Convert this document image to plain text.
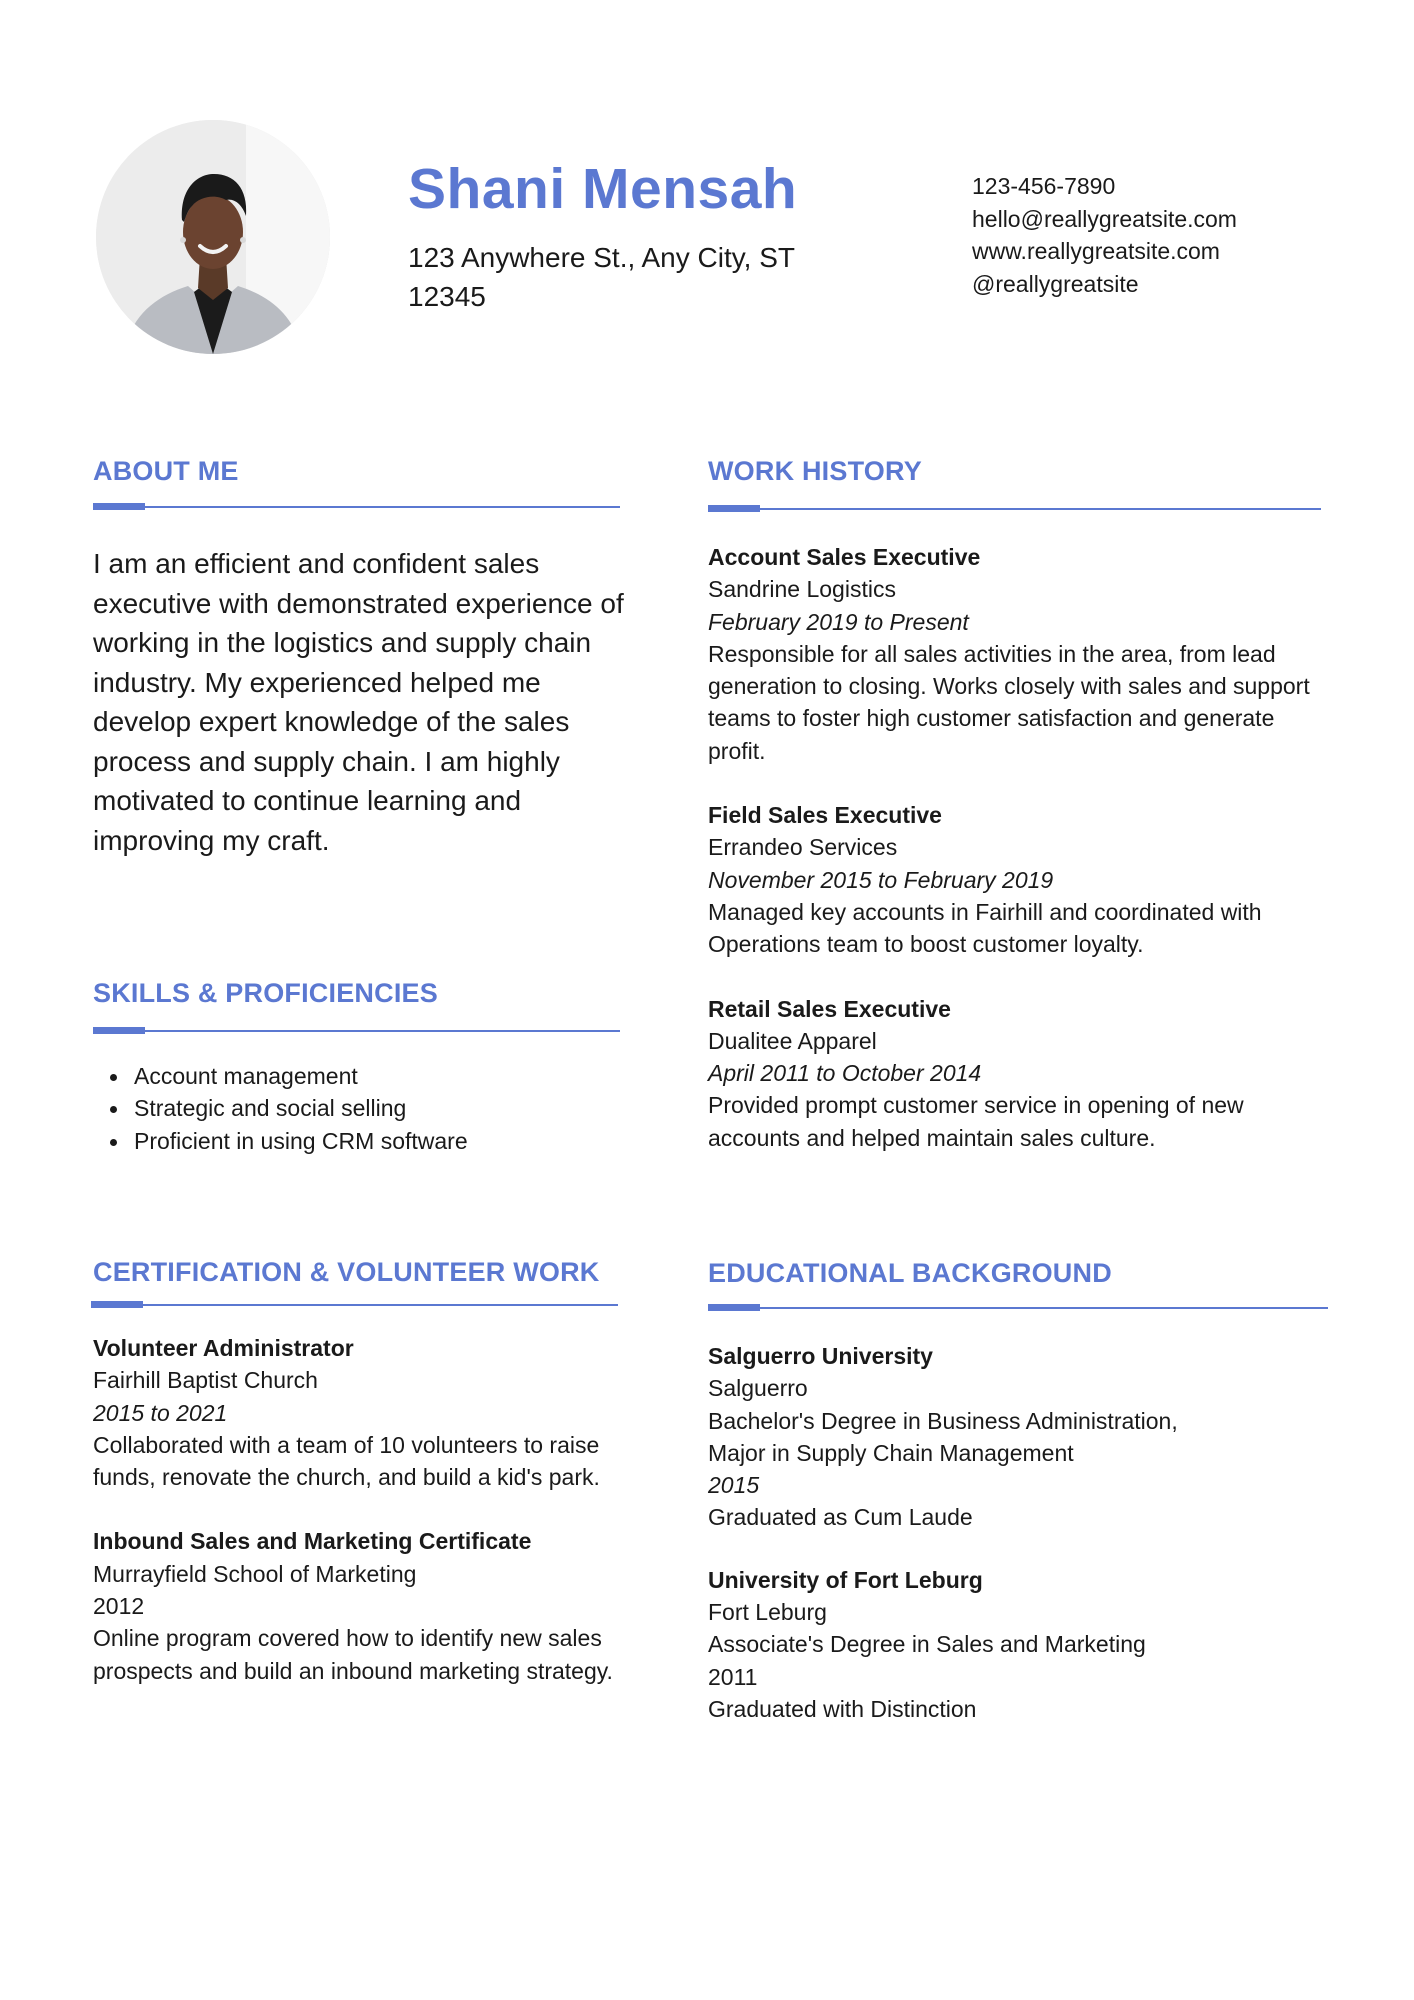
Shani Mensah
123 Anywhere St., Any City, ST 12345
123-456-7890
hello@reallygreatsite.com
www.reallygreatsite.com
@reallygreatsite
ABOUT ME
I am an efficient and confident sales executive with demonstrated experience of working in the logistics and supply chain industry. My experienced helped me develop expert knowledge of the sales process and supply chain. I am highly motivated to continue learning and improving my craft.
SKILLS & PROFICIENCIES
Account management
Strategic and social selling
Proficient in using CRM software
WORK HISTORY
Account Sales Executive
Sandrine Logistics
February 2019 to Present
Responsible for all sales activities in the area, from lead generation to closing. Works closely with sales and support teams to foster high customer satisfaction and generate profit.
Field Sales Executive
Errandeo Services
November 2015 to February 2019
Managed key accounts in Fairhill and coordinated with Operations team to boost customer loyalty.
Retail Sales Executive
Dualitee Apparel
April 2011 to October 2014
Provided prompt customer service in opening of new accounts and helped maintain sales culture.
CERTIFICATION & VOLUNTEER WORK
Volunteer Administrator
Fairhill Baptist Church
2015 to 2021
Collaborated with a team of 10 volunteers to raise funds, renovate the church, and build a kid's park.
Inbound Sales and Marketing Certificate
Murrayfield School of Marketing
2012
Online program covered how to identify new sales prospects and build an inbound marketing strategy.
EDUCATIONAL BACKGROUND
Salguerro University
Salguerro
Bachelor's Degree in Business Administration,
Major in Supply Chain Management
2015
Graduated as Cum Laude
University of Fort Leburg
Fort Leburg
Associate's Degree in Sales and Marketing
2011
Graduated with Distinction
